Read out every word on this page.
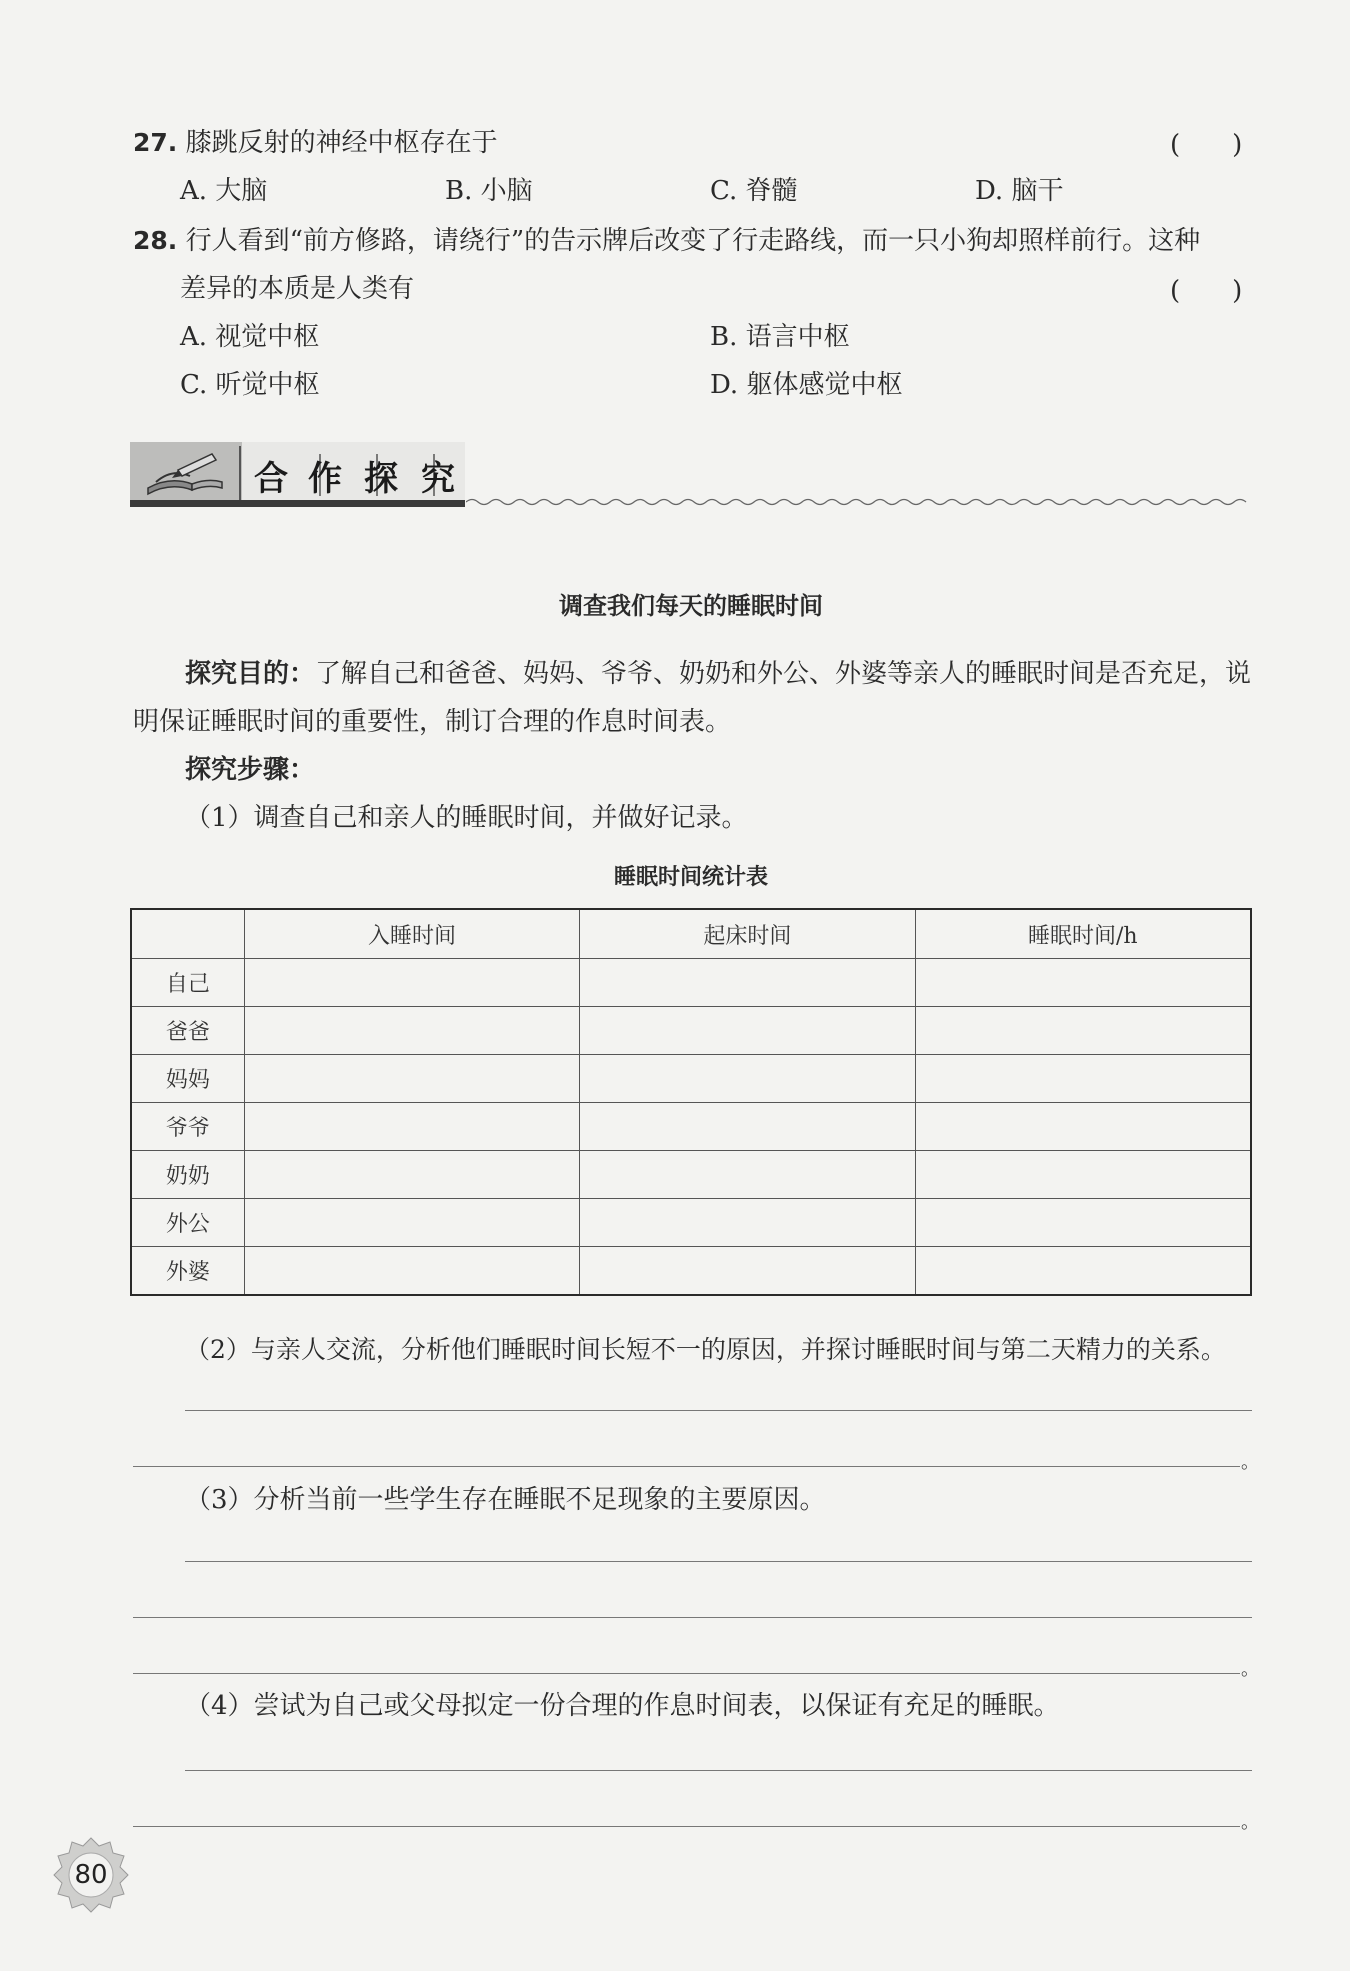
27. 膝跳反射的神经中枢存在于	(　　)
A. 大脑	B. 小脑	C. 脊髓	D. 脑干
28. 行人看到“前方修路，请绕行”的告示牌后改变了行走路线，而一只小狗却照样前行。这种
差异的本质是人类有	(　　)
A. 视觉中枢	B. 语言中枢
C. 听觉中枢	D. 躯体感觉中枢
合 作 探 究
调查我们每天的睡眠时间
探究目的：了解自己和爸爸、妈妈、爷爷、奶奶和外公、外婆等亲人的睡眠时间是否充足，说
明保证睡眠时间的重要性，制订合理的作息时间表。
探究步骤：
（1）调查自己和亲人的睡眠时间，并做好记录。
睡眠时间统计表
	入睡时间	起床时间	睡眠时间/h
自己			
爸爸			
妈妈			
爷爷			
奶奶			
外公			
外婆			
（2）与亲人交流，分析他们睡眠时间长短不一的原因，并探讨睡眠时间与第二天精力的关系。
。
（3）分析当前一些学生存在睡眠不足现象的主要原因。
。
（4）尝试为自己或父母拟定一份合理的作息时间表，以保证有充足的睡眠。
。
80
